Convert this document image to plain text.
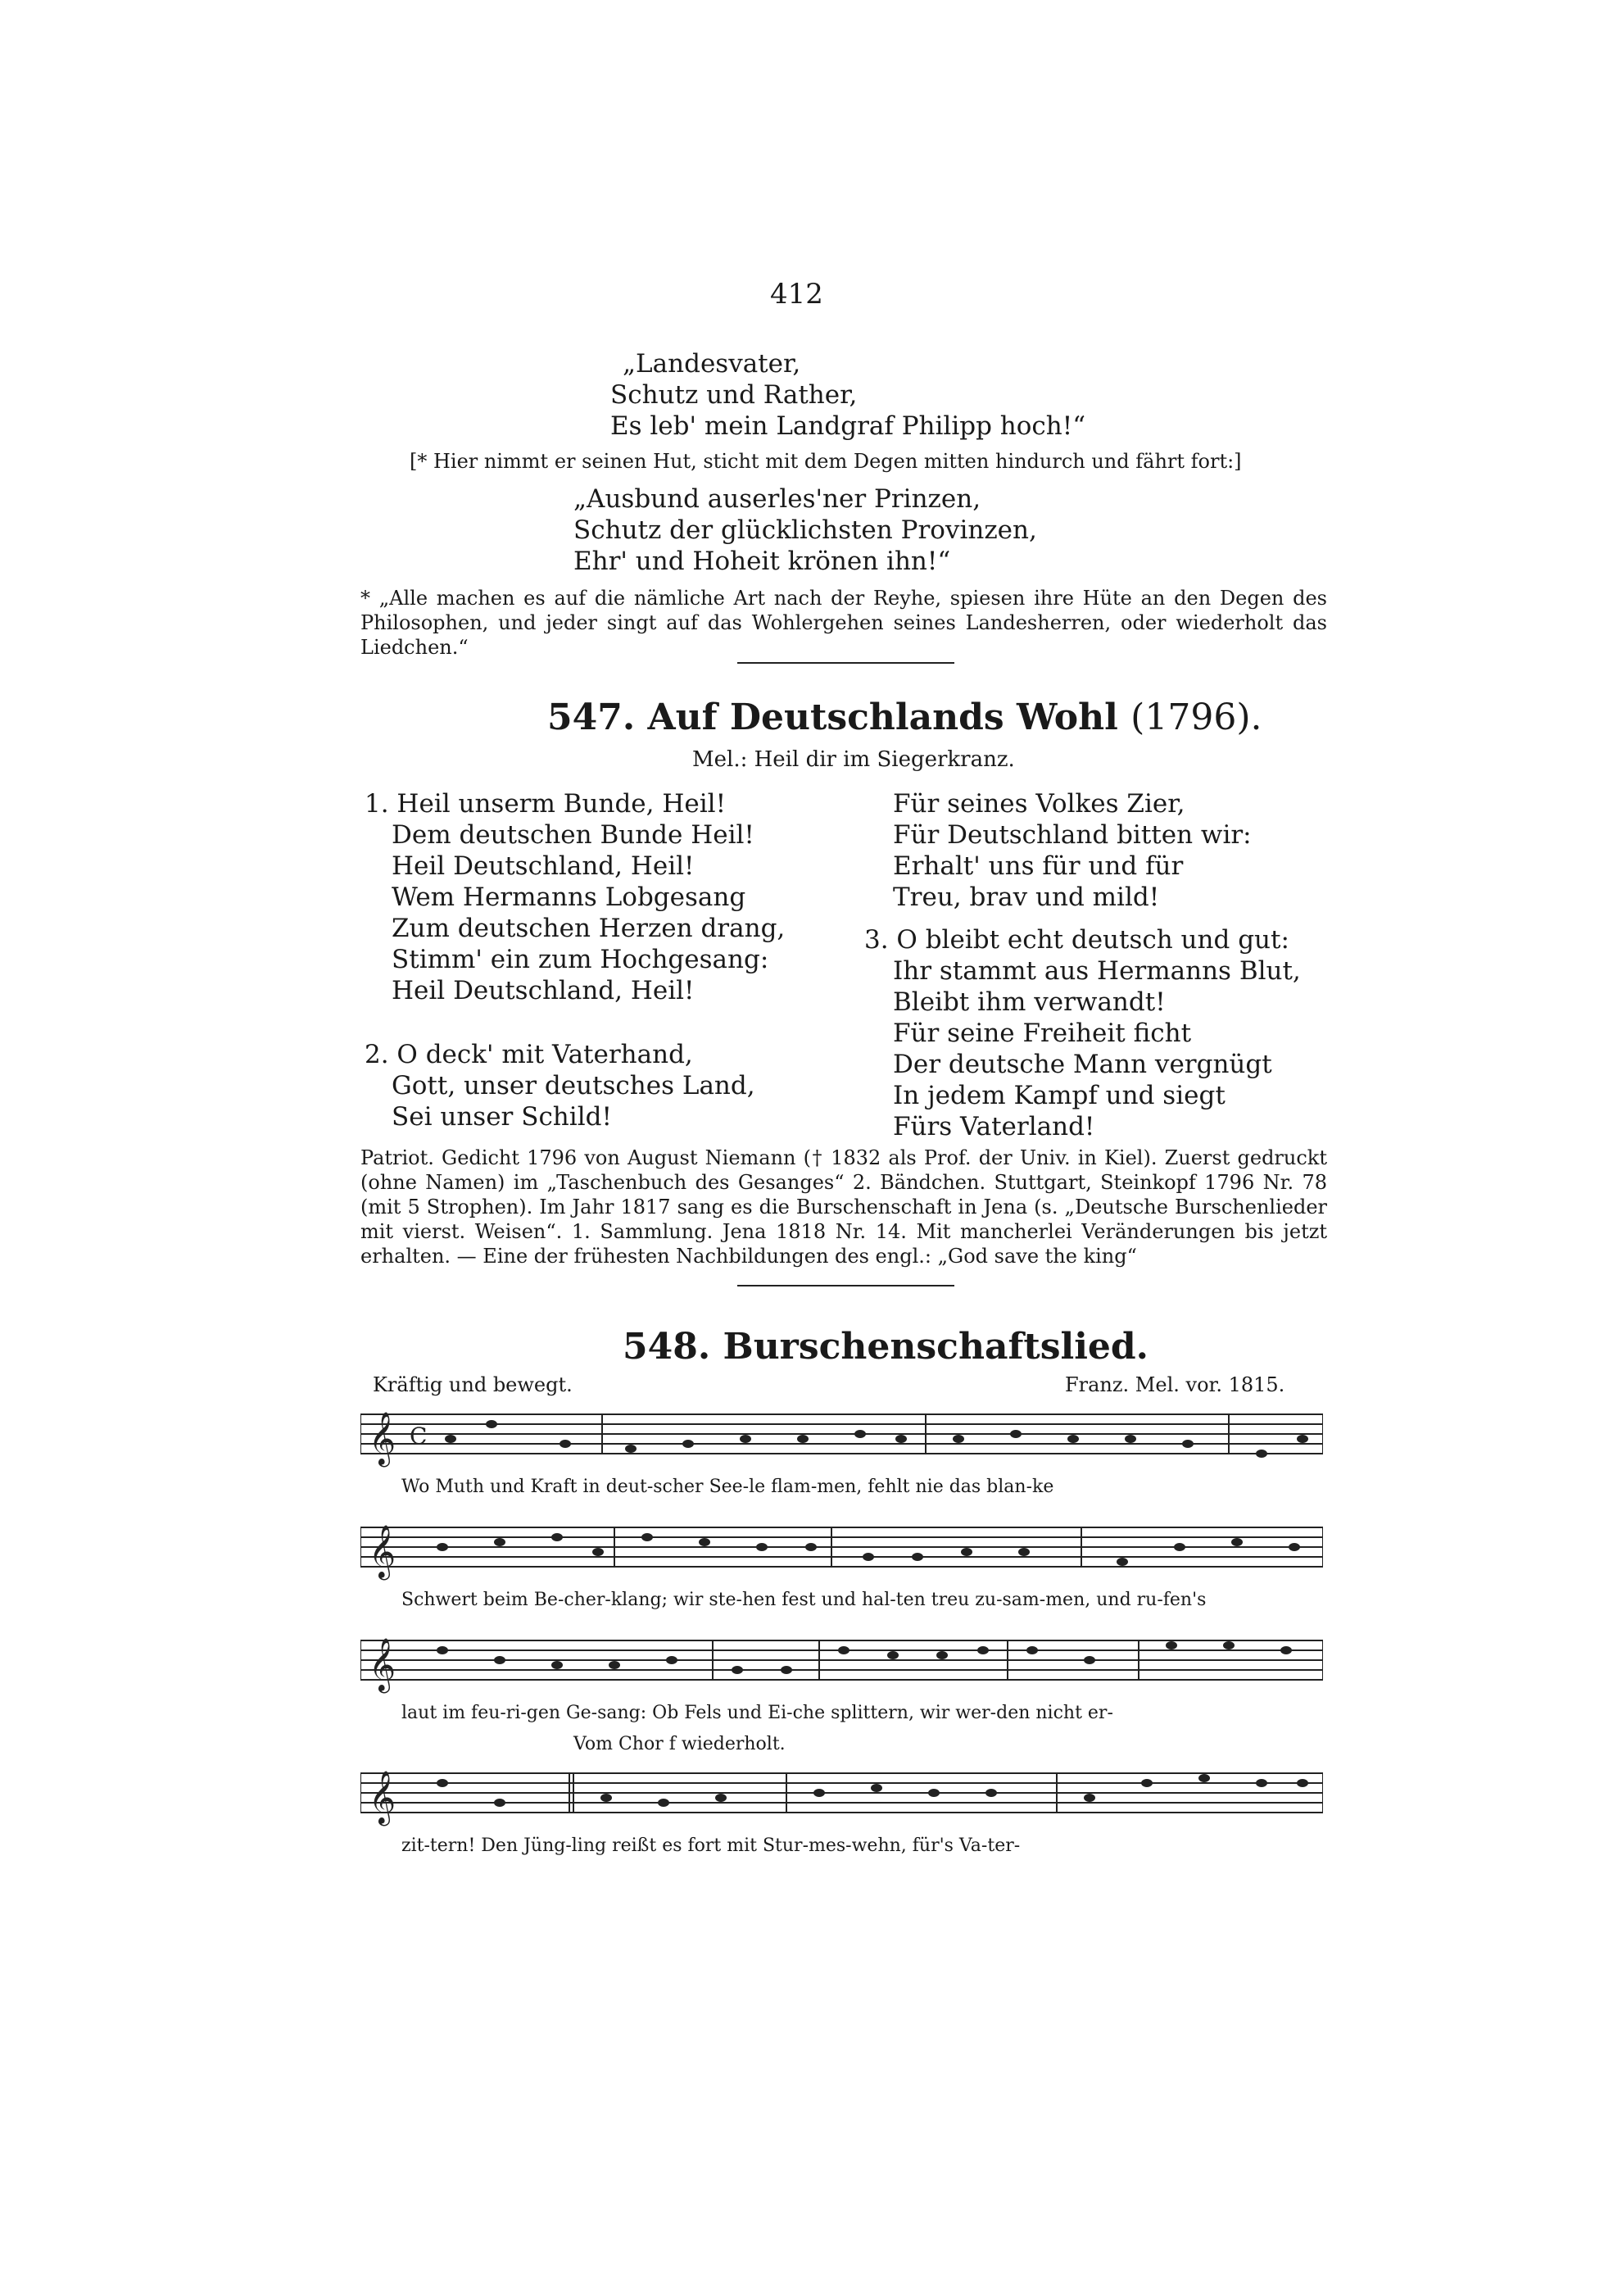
412
„Landesvater,
Schutz und Rather,
Es leb' mein Landgraf Philipp hoch!“
[* Hier nimmt er seinen Hut, sticht mit dem Degen mitten hindurch und fährt fort:]
„Ausbund auserles'ner Prinzen,
Schutz der glücklichsten Provinzen,
Ehr' und Hoheit krönen ihn!“
* „Alle machen es auf die nämliche Art nach der Reyhe, spiesen ihre Hüte an den Degen des Philosophen, und jeder singt auf das Wohlergehen seines Landesherren, oder wiederholt das Liedchen.“
547. Auf Deutschlands Wohl (1796).
Mel.: Heil dir im Siegerkranz.
1. Heil unserm Bunde, Heil!
Dem deutschen Bunde Heil!
Heil Deutschland, Heil!
Wem Hermanns Lobgesang
Zum deutschen Herzen drang,
Stimm' ein zum Hochgesang:
Heil Deutschland, Heil!
2. O deck' mit Vaterhand,
Gott, unser deutsches Land,
Sei unser Schild!
Für seines Volkes Zier,
Für Deutschland bitten wir:
Erhalt' uns für und für
Treu, brav und mild!
3. O bleibt echt deutsch und gut:
Ihr stammt aus Hermanns Blut,
Bleibt ihm verwandt!
Für seine Freiheit ficht
Der deutsche Mann vergnügt
In jedem Kampf und siegt
Fürs Vaterland!
Patriot. Gedicht 1796 von August Niemann († 1832 als Prof. der Univ. in Kiel). Zuerst gedruckt (ohne Namen) im „Taschenbuch des Gesanges“ 2. Bändchen. Stuttgart, Steinkopf 1796 Nr. 78 (mit 5 Strophen). Im Jahr 1817 sang es die Burschenschaft in Jena (s. „Deutsche Burschenlieder mit vierst. Weisen“. 1. Sammlung. Jena 1818 Nr. 14. Mit mancherlei Veränderungen bis jetzt erhalten. — Eine der frühesten Nachbildungen des engl.: „God save the king“
548. Burschenschaftslied.
Kräftig und bewegt.	Franz. Mel. vor. 1815.
𝄞 C
Wo Muth und Kraft in deut-scher See-le flam-men, fehlt nie das blan-ke
𝄞
Schwert beim Be-cher-klang; wir ste-hen fest und hal-ten treu zu-sam-men, und ru-fen's
𝄞
laut im feu-ri-gen Ge-sang: Ob Fels und Ei-che splittern, wir wer-den nicht er-
Vom Chor f wiederholt.
𝄞
zit-tern! Den Jüng-ling reißt es fort mit Stur-mes-wehn, für's Va-ter-
